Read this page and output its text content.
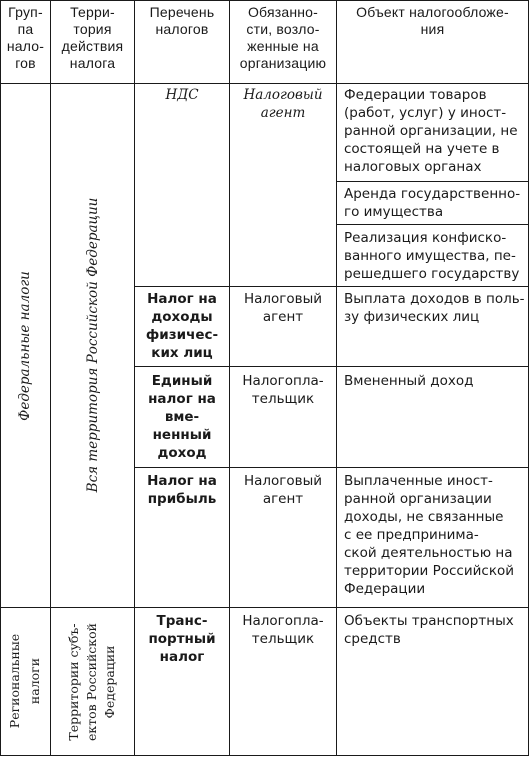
Груп-
па
нало-
гов
Терри-
тория
действия
налога
Перечень
налогов
Обязанно-
сти, возло-
женные на
организацию
Объект налогообложе-
ния
Федеральные налоги
Региональные
налоги
Вся территория Российской Федерации
Территории субъ-
ектов Российской
Федерации
НДС	Налоговый
агент
Федерации товаров
(работ, услуг) у иност-
ранной организации, не
состоящей на учете в
налоговых органах
Аренда государственно-
го имущества
Реализация конфиско-
ванного имущества, пе-
решедшего государству
Налог на
доходы
физичес-
ких лиц
Налоговый
агент
Выплата доходов в поль-
зу физических лиц
Единый
налог на
вме-
ненный
доход
Налогопла-
тельщик
Вмененный доход
Налог на
прибыль
Налоговый
агент
Выплаченные иност-
ранной организации
доходы, не связанные
с ее предпринима-
ской деятельностью на
территории Российской
Федерации
Транс-
портный
налог
Налогопла-
тельщик
Объекты транспортных
средств
